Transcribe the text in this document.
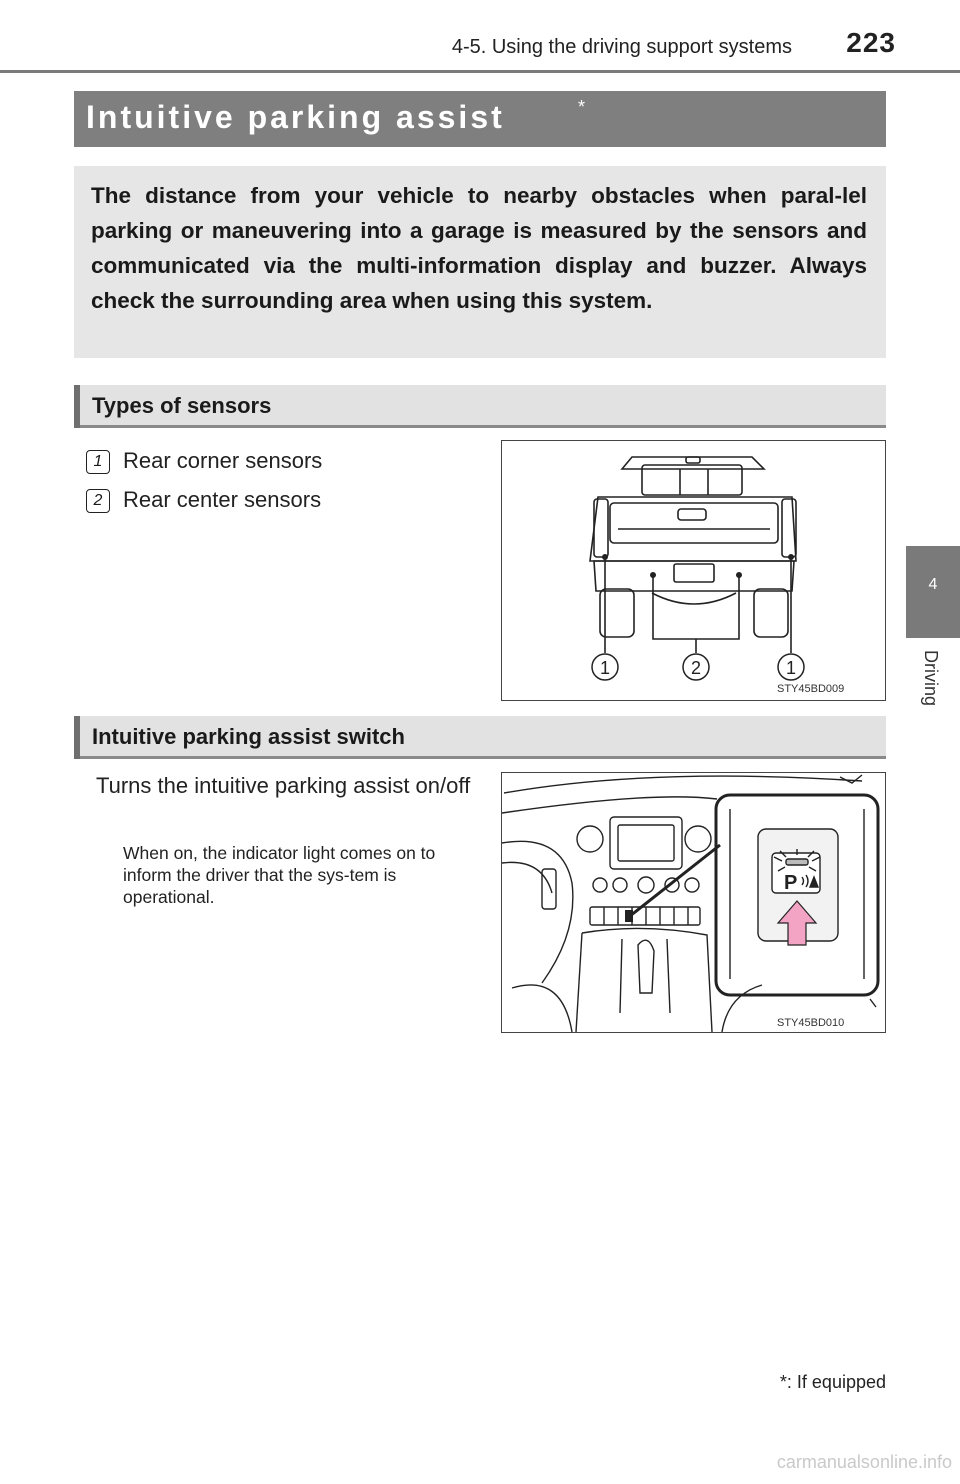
4-5. Using the driving support systems	223
4
Driving
Intuitive parking assist	*
The distance from your vehicle to nearby obstacles when paral-lel parking or maneuvering into a garage is measured by the sensors and communicated via the multi-information display and buzzer. Always check the surrounding area when using this system.
Types of sensors
1 Rear corner sensors
2 Rear center sensors
1	2	1
STY45BD009
Intuitive parking assist switch
Turns the intuitive parking assist on/off
When on, the indicator light comes on to inform the driver that the sys-tem is operational.
P
STY45BD010
*: If equipped
carmanualsonline.info
